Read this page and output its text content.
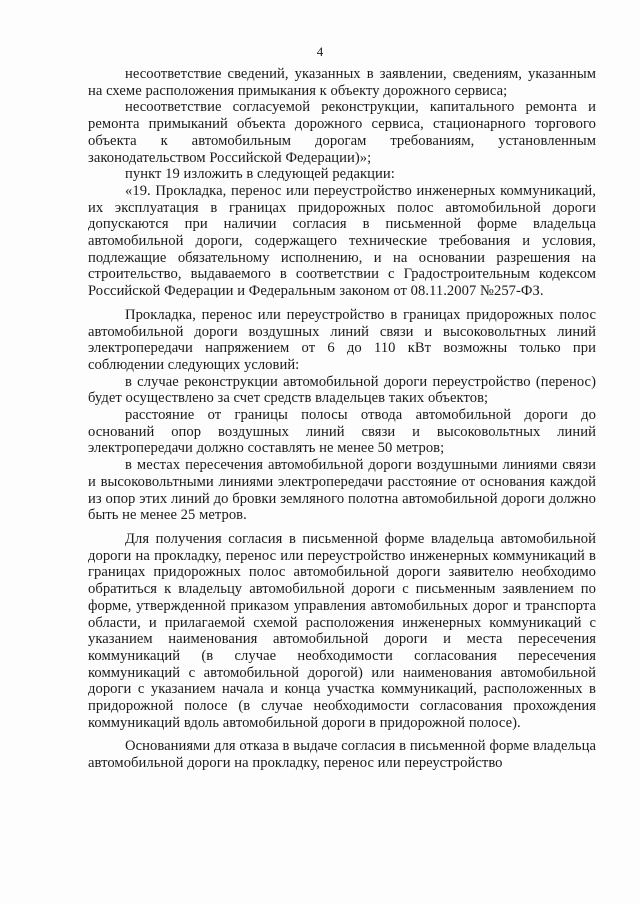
4

несоответствие сведений, указанных в заявлении, сведениям, указанным на схеме расположения примыкания к объекту дорожного сервиса;

несоответствие согласуемой реконструкции, капитального ремонта и ремонта примыканий объекта дорожного сервиса, стационарного торгового объекта к автомобильным дорогам требованиям, установленным законодательством Российской Федерации)»;

пункт 19 изложить в следующей редакции:

«19. Прокладка, перенос или переустройство инженерных коммуникаций, их эксплуатация в границах придорожных полос автомобильной дороги допускаются при наличии согласия в письменной форме владельца автомобильной дороги, содержащего технические требования и условия, подлежащие обязательному исполнению, и на основании разрешения на строительство, выдаваемого в соответствии с Градостроительным кодексом Российской Федерации и Федеральным законом от 08.11.2007 №257-ФЗ.

Прокладка, перенос или переустройство в границах придорожных полос автомобильной дороги воздушных линий связи и высоковольтных линий электропередачи напряжением от 6 до 110 кВт возможны только при соблюдении следующих условий:

в случае реконструкции автомобильной дороги переустройство (перенос) будет осуществлено за счет средств владельцев таких объектов;

расстояние от границы полосы отвода автомобильной дороги до оснований опор воздушных линий связи и высоковольтных линий электропередачи должно составлять не менее 50 метров;

в местах пересечения автомобильной дороги воздушными линиями связи и высоковольтными линиями электропередачи расстояние от основания каждой из опор этих линий до бровки земляного полотна автомобильной дороги должно быть не менее 25 метров.

Для получения согласия в письменной форме владельца автомобильной дороги на прокладку, перенос или переустройство инженерных коммуникаций в границах придорожных полос автомобильной дороги заявителю необходимо обратиться к владельцу автомобильной дороги с письменным заявлением по форме, утвержденной приказом управления автомобильных дорог и транспорта области, и прилагаемой схемой расположения инженерных коммуникаций с указанием наименования автомобильной дороги и места пересечения коммуникаций (в случае необходимости согласования пересечения коммуникаций с автомобильной дорогой) или наименования автомобильной дороги с указанием начала и конца участка коммуникаций, расположенных в придорожной полосе (в случае необходимости согласования прохождения коммуникаций вдоль автомобильной дороги в придорожной полосе).

Основаниями для отказа в выдаче согласия в письменной форме владельца автомобильной дороги на прокладку, перенос или переустройство
